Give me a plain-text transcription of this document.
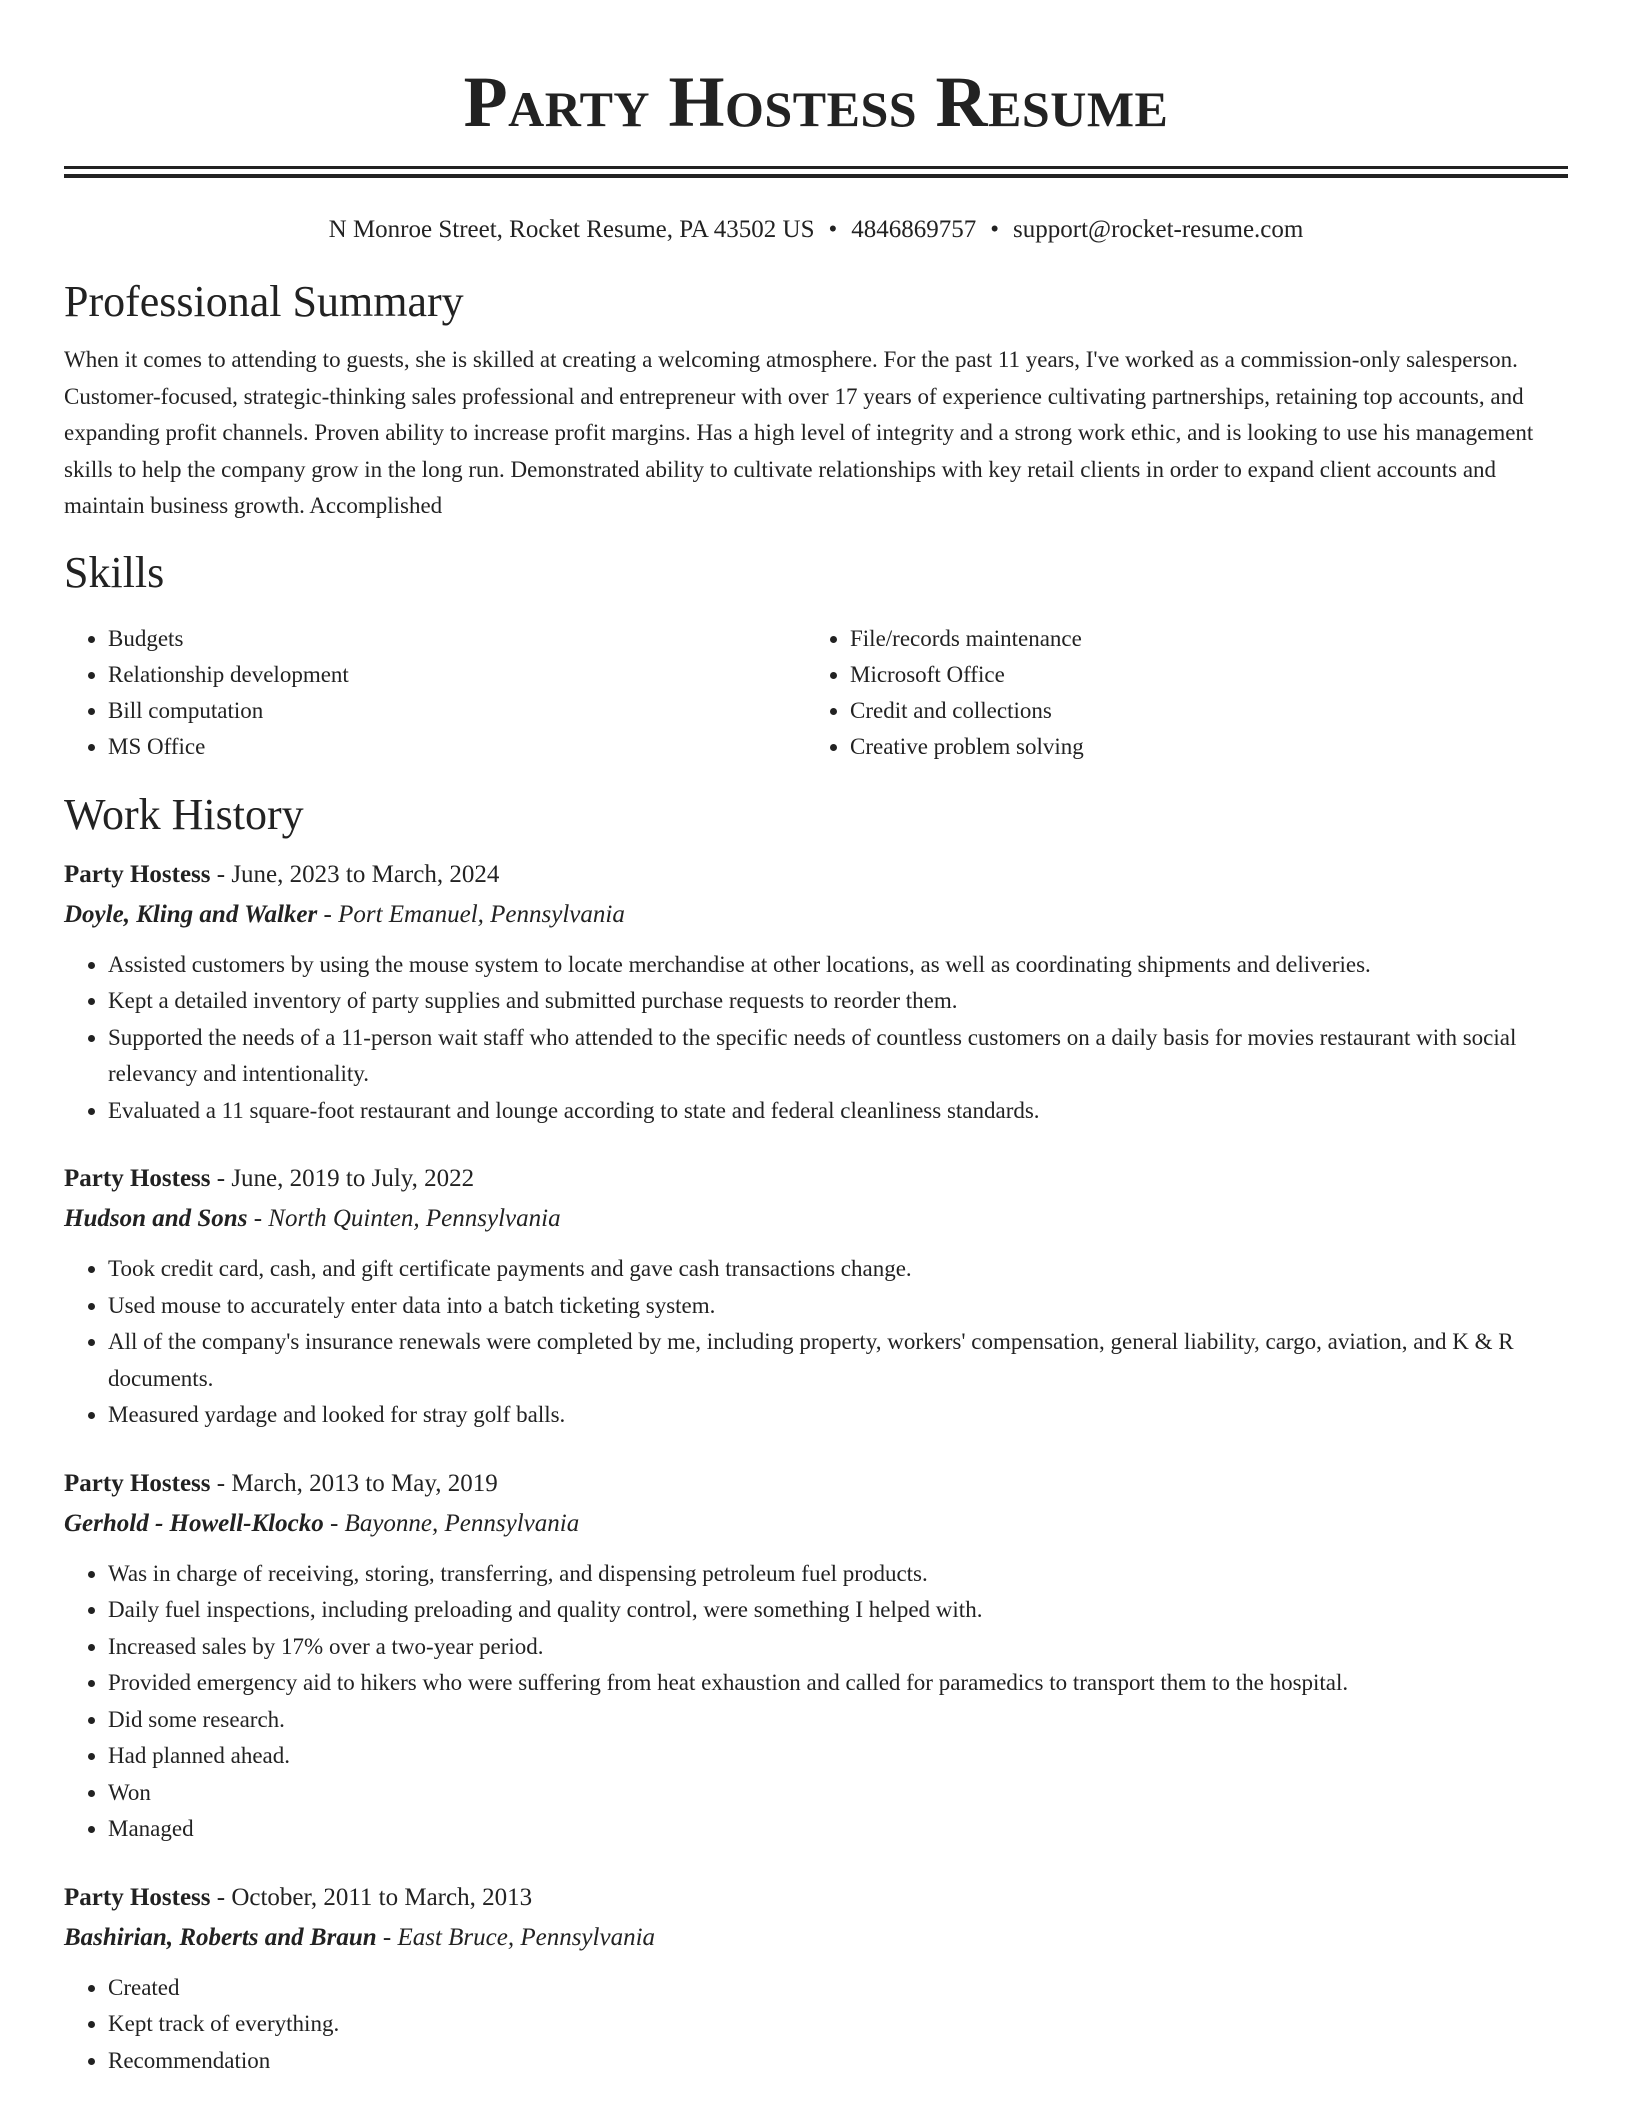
Party Hostess Resume
N Monroe Street, Rocket Resume, PA 43502 US • 4846869757 • support@rocket-resume.com
Professional Summary
When it comes to attending to guests, she is skilled at creating a welcoming atmosphere. For the past 11 years, I've worked as a commission-only salesperson. Customer-focused, strategic-thinking sales professional and entrepreneur with over 17 years of experience cultivating partnerships, retaining top accounts, and expanding profit channels. Proven ability to increase profit margins. Has a high level of integrity and a strong work ethic, and is looking to use his management skills to help the company grow in the long run. Demonstrated ability to cultivate relationships with key retail clients in order to expand client accounts and maintain business growth. Accomplished
Skills
• Budgets
• Relationship development
• Bill computation
• MS Office
• File/records maintenance
• Microsoft Office
• Credit and collections
• Creative problem solving
Work History
Party Hostess - June, 2023 to March, 2024
Doyle, Kling and Walker - Port Emanuel, Pennsylvania
• Assisted customers by using the mouse system to locate merchandise at other locations, as well as coordinating shipments and deliveries.
• Kept a detailed inventory of party supplies and submitted purchase requests to reorder them.
• Supported the needs of a 11-person wait staff who attended to the specific needs of countless customers on a daily basis for movies restaurant with social relevancy and intentionality.
• Evaluated a 11 square-foot restaurant and lounge according to state and federal cleanliness standards.
Party Hostess - June, 2019 to July, 2022
Hudson and Sons - North Quinten, Pennsylvania
• Took credit card, cash, and gift certificate payments and gave cash transactions change.
• Used mouse to accurately enter data into a batch ticketing system.
• All of the company's insurance renewals were completed by me, including property, workers' compensation, general liability, cargo, aviation, and K & R documents.
• Measured yardage and looked for stray golf balls.
Party Hostess - March, 2013 to May, 2019
Gerhold - Howell-Klocko - Bayonne, Pennsylvania
• Was in charge of receiving, storing, transferring, and dispensing petroleum fuel products.
• Daily fuel inspections, including preloading and quality control, were something I helped with.
• Increased sales by 17% over a two-year period.
• Provided emergency aid to hikers who were suffering from heat exhaustion and called for paramedics to transport them to the hospital.
• Did some research.
• Had planned ahead.
• Won
• Managed
Party Hostess - October, 2011 to March, 2013
Bashirian, Roberts and Braun - East Bruce, Pennsylvania
• Created
• Kept track of everything.
• Recommendation
